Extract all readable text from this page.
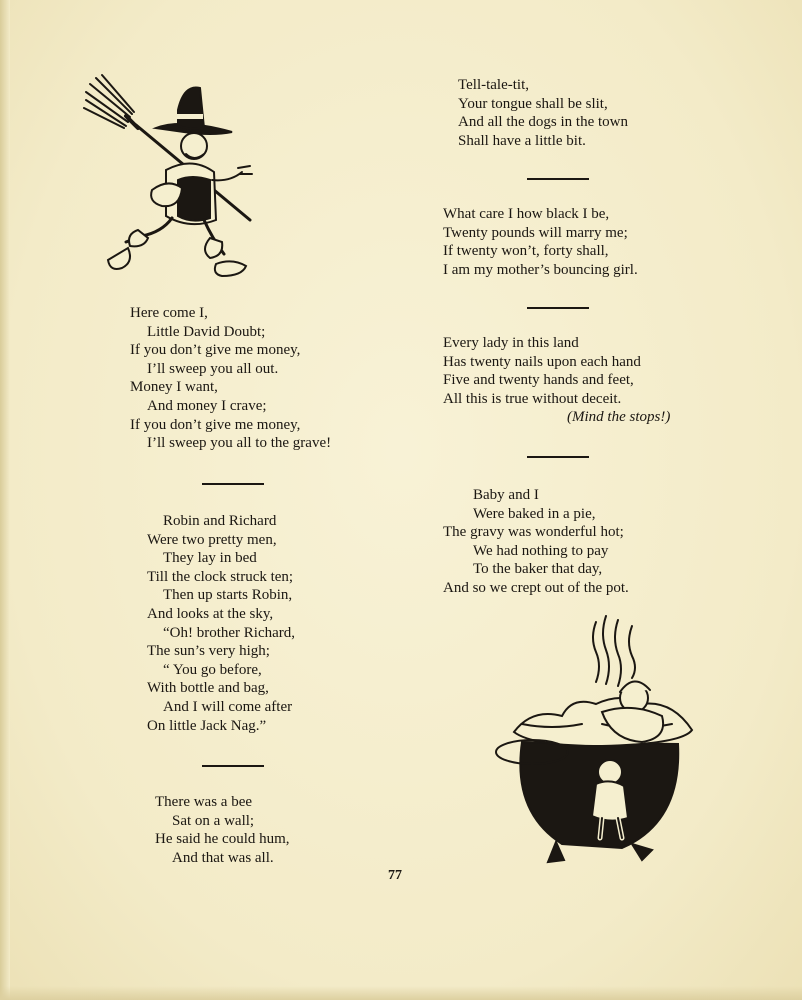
Here come I,
Little David Doubt;
If you don’t give me money,
I’ll sweep you all out.
Money I want,
And money I crave;
If you don’t give me money,
I’ll sweep you all to the grave!
Robin and Richard
Were two pretty men,
They lay in bed
Till the clock struck ten;
Then up starts Robin,
And looks at the sky,
“Oh! brother Richard,
The sun’s very high;
“ You go before,
With bottle and bag,
And I will come after
On little Jack Nag.”
There was a bee
Sat on a wall;
He said he could hum,
And that was all.
Tell-tale-tit,
Your tongue shall be slit,
And all the dogs in the town
Shall have a little bit.
What care I how black I be,
Twenty pounds will marry me;
If twenty won’t, forty shall,
I am my mother’s bouncing girl.
Every lady in this land
Has twenty nails upon each hand
Five and twenty hands and feet,
All this is true without deceit.
(Mind the stops!)
Baby and I
Were baked in a pie,
The gravy was wonderful hot;
We had nothing to pay
To the baker that day,
And so we crept out of the pot.
77
